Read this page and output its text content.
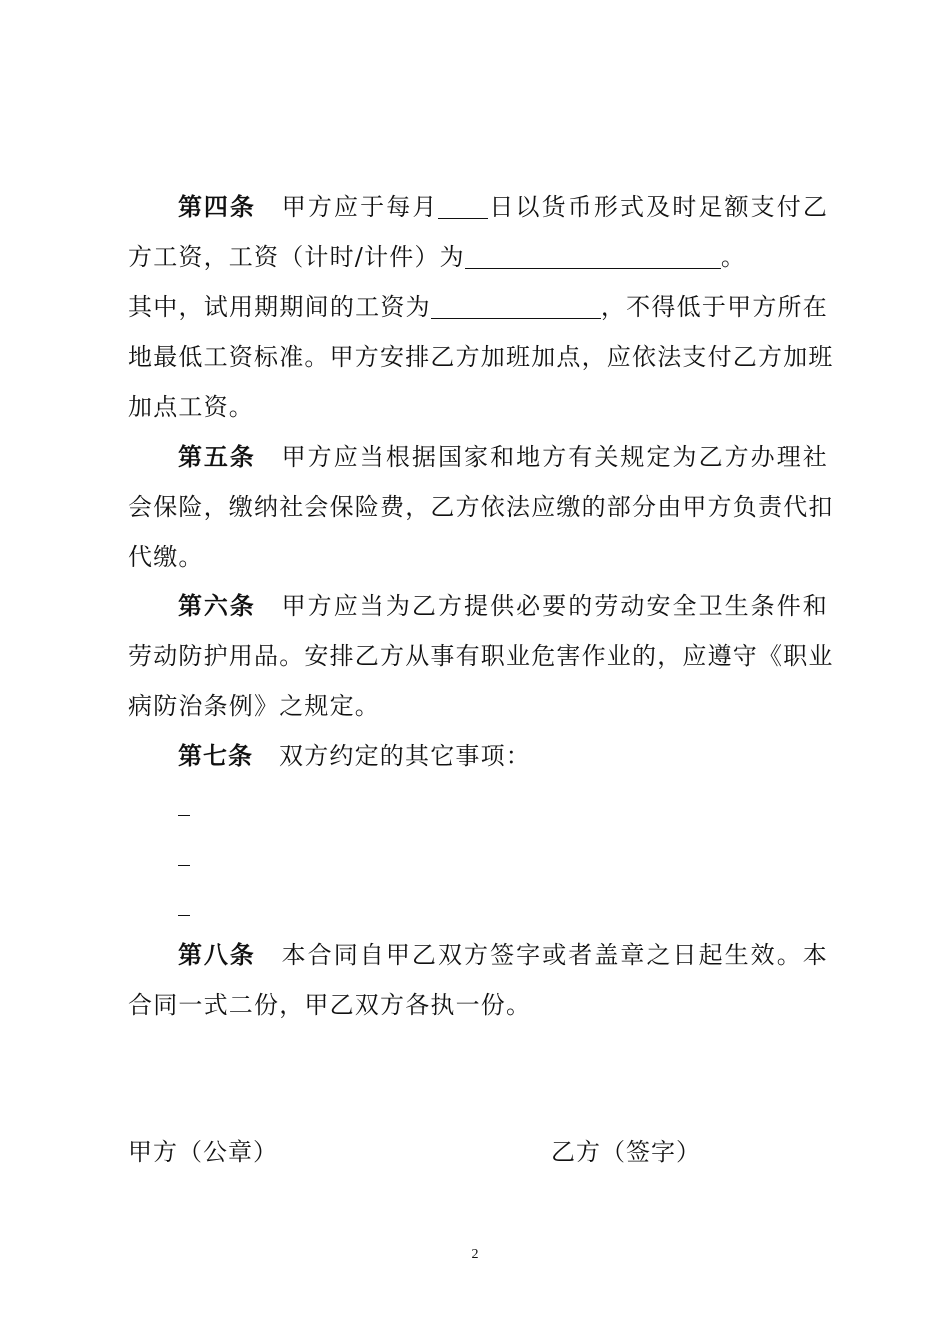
第四条 甲方应于每月 日以货币形式及时足额支付乙
方工资，工资（计时/计件）为	。
其中，试用期期间的工资为	，不得低于甲方所在
地最低工资标准。甲方安排乙方加班加点，应依法支付乙方加班
加点工资。
第五条 甲方应当根据国家和地方有关规定为乙方办理社
会保险，缴纳社会保险费，乙方依法应缴的部分由甲方负责代扣
代缴。
第六条 甲方应当为乙方提供必要的劳动安全卫生条件和
劳动防护用品。安排乙方从事有职业危害作业的，应遵守《职业
病防治条例》之规定。
第七条 双方约定的其它事项：
第八条 本合同自甲乙双方签字或者盖章之日起生效。本
合同一式二份，甲乙双方各执一份。
甲方（公章）	乙方（签字）
2
